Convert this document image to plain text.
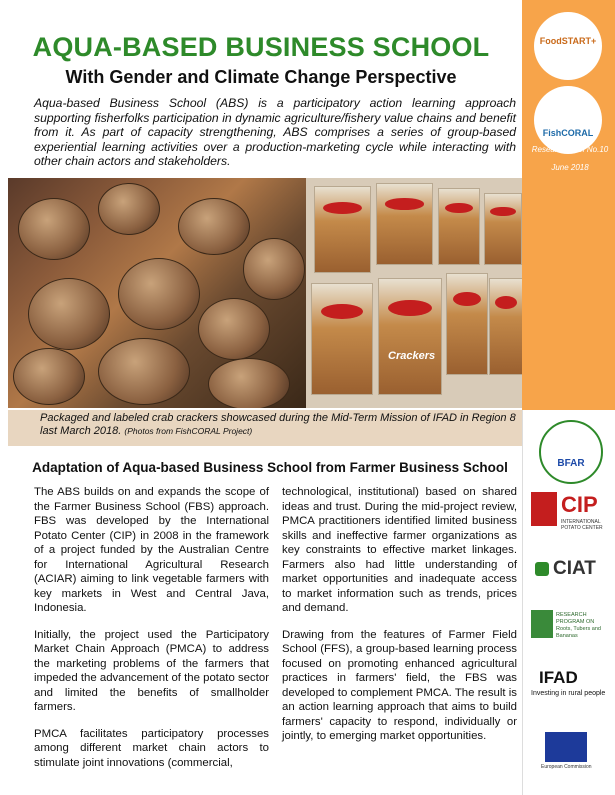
AQUA-BASED BUSINESS SCHOOL
With Gender and Climate Change Perspective
Aqua-based Business School (ABS) is a participatory action learning approach supporting fisherfolks participation in dynamic agriculture/fishery value chains and benefit from it. As part of capacity strengthening, ABS comprises a series of group-based experiential learning activities over a production-marketing cycle while interacting with other chain actors and stakeholders.
Crackers
Packaged and labeled crab crackers showcased during the Mid-Term Mission of IFAD in Region 8 last March 2018. (Photos from FishCORAL Project)
Adaptation of Aqua-based Business School from Farmer Business School

The ABS builds on and expands the scope of the Farmer Business School (FBS) approach. FBS was developed by the International Potato Center (CIP) in 2008 in the framework of a project funded by the Australian Centre for International Agricultural Research (ACIAR) aiming to link vegetable farmers with key markets in West and Central Java, Indonesia.

Initially, the project used the Participatory Market Chain Approach (PMCA) to address the marketing problems of the farmers that impeded the advancement of the potato sector and limited the benefits of smallholder farmers.

PMCA facilitates participatory processes among different market chain actors to stimulate joint innovations (commercial,

technological, institutional) based on shared ideas and trust. During the mid-project review, PMCA practitioners identified limited business skills and ineffective farmer organizations as key constraints to effective market linkages. Farmers also had little understanding of market opportunities and inadequate access to market information such as trends, prices and demand.

Drawing from the features of Farmer Field School (FFS), a group-based learning process focused on promoting enhanced agricultural practices in farmers' field, the FBS was developed to complement PMCA. The result is an action learning approach that aims to build farmers' capacity to respond, individually or jointly, to emerging market opportunities.

FoodSTART+
FishCORAL
Research Brief No.10
June 2018
BFAR
CIP
INTERNATIONAL POTATO CENTER
CIAT
RESEARCH PROGRAM ON Roots, Tubers and Bananas
IFAD
Investing in rural people
European Commission
